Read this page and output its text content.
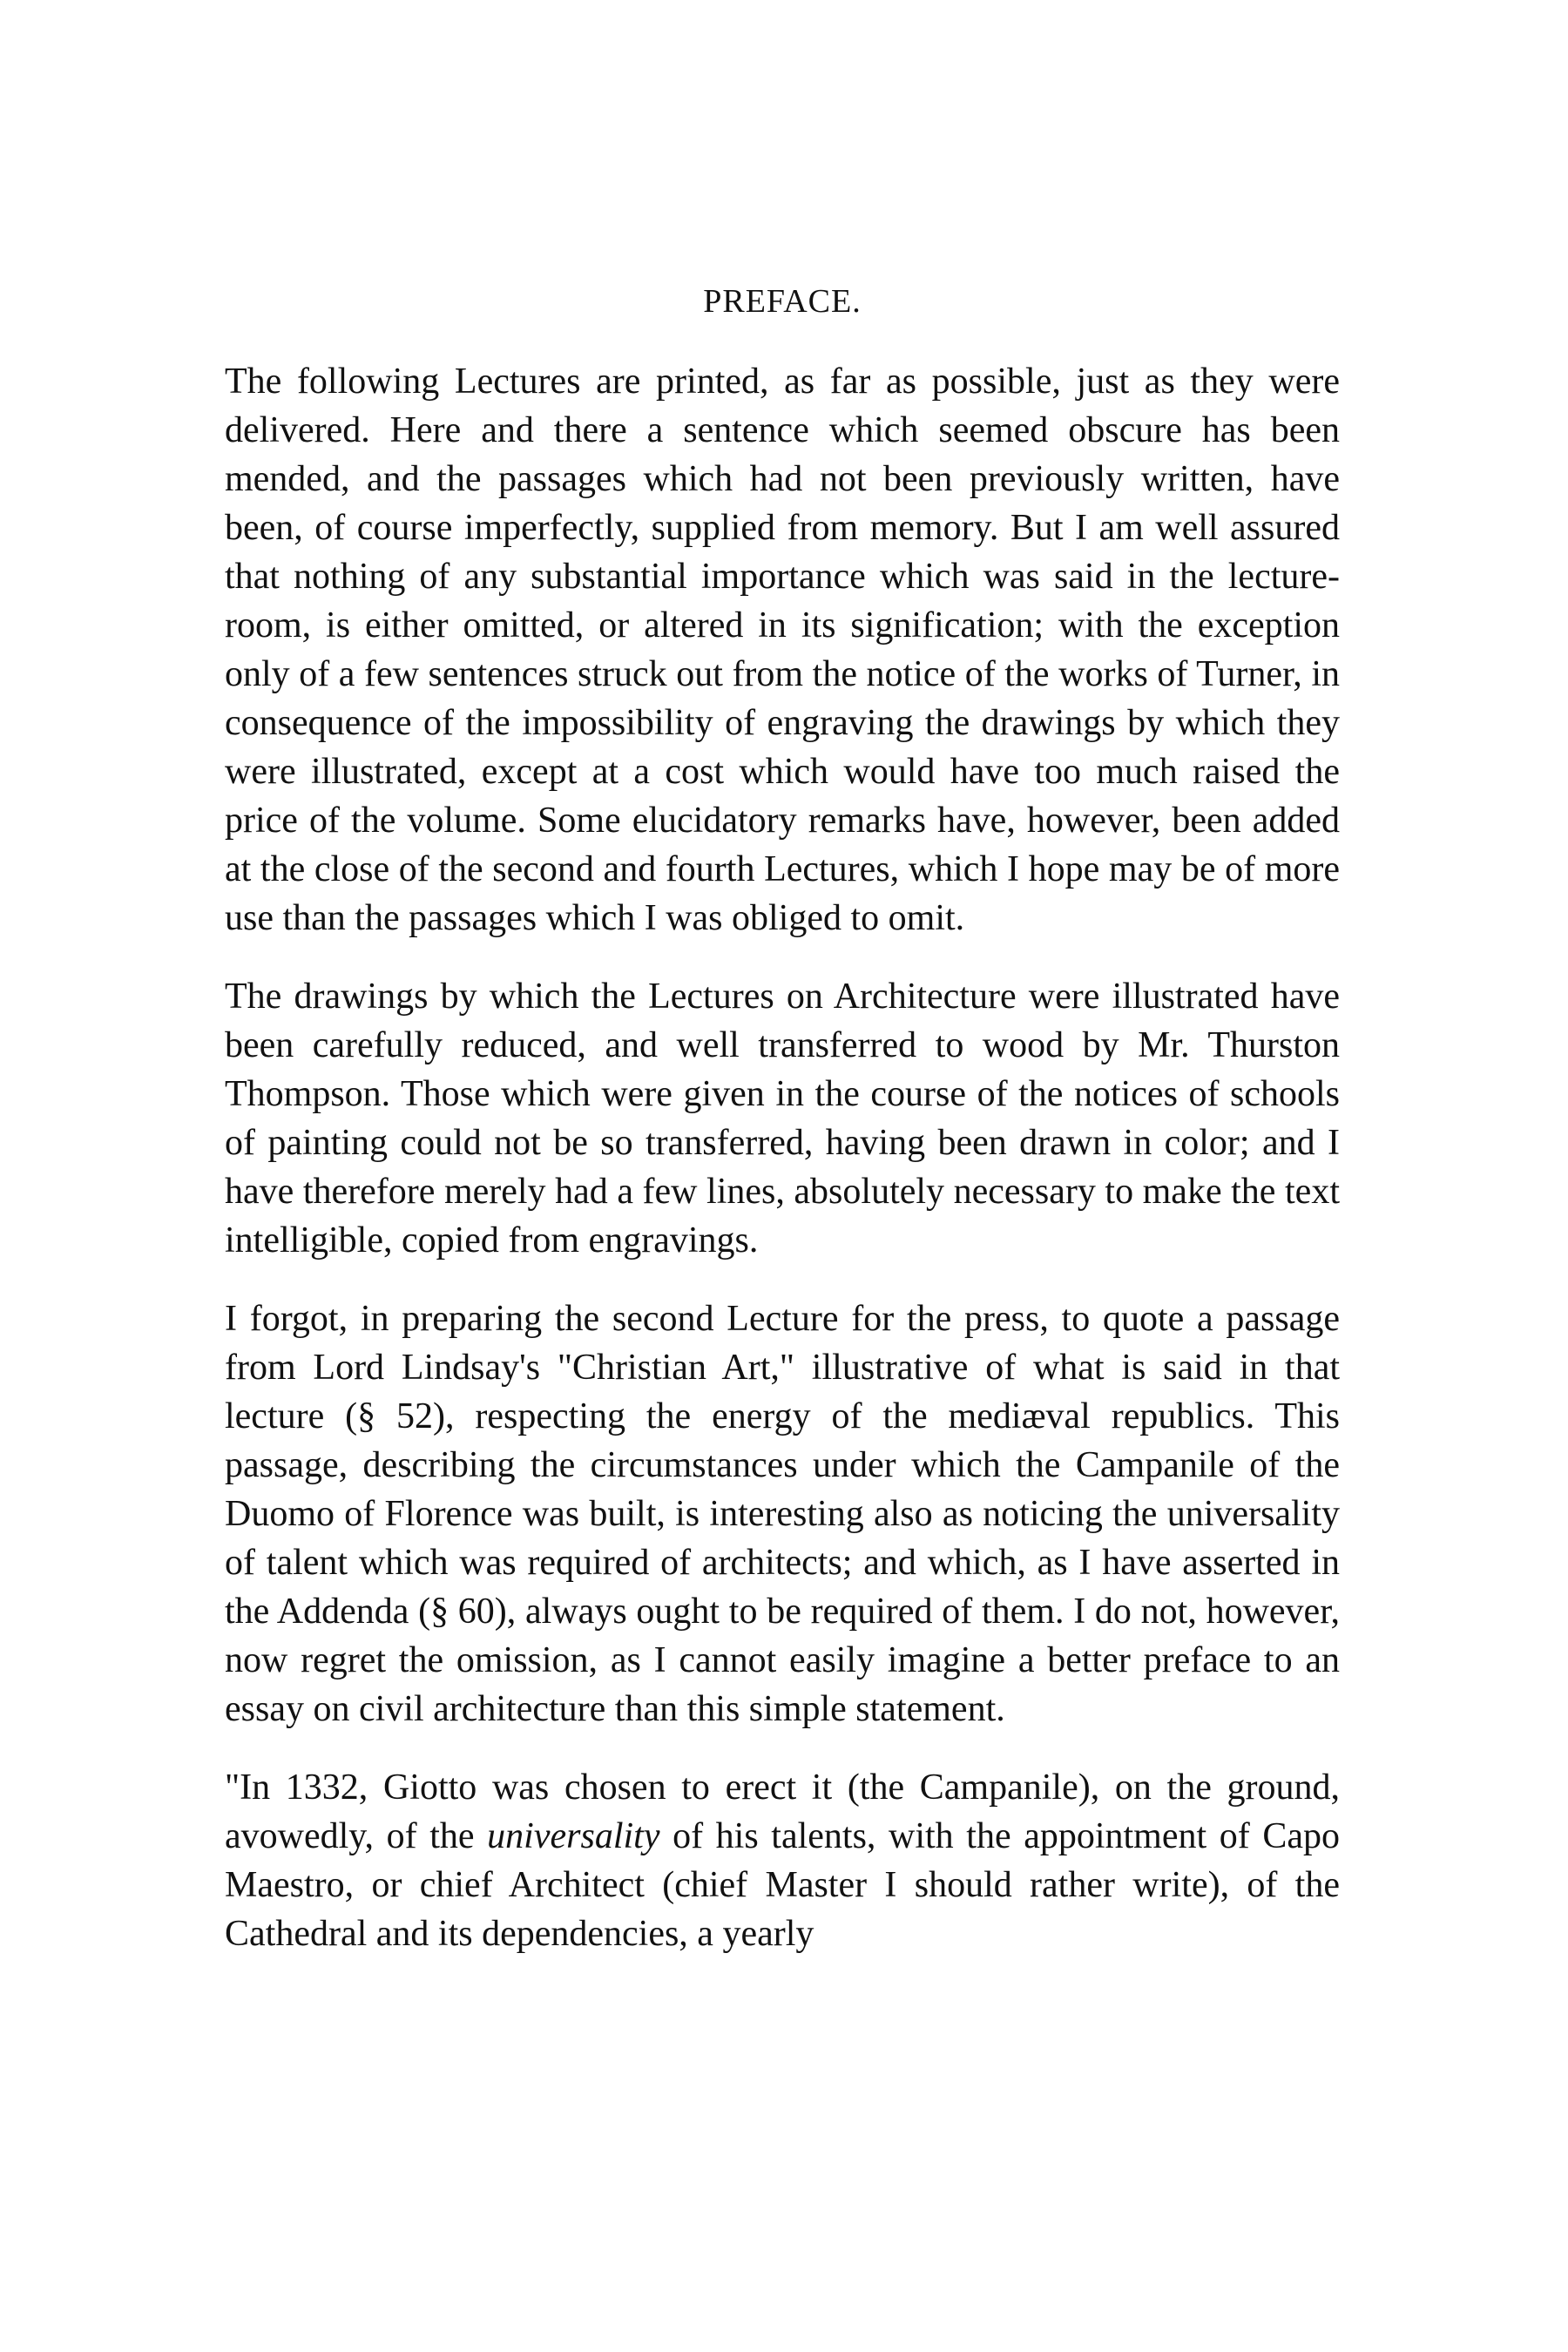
PREFACE.

The following Lectures are printed, as far as possible, just as they were delivered. Here and there a sentence which seemed obscure has been mended, and the passages which had not been previously written, have been, of course imperfectly, supplied from memory. But I am well assured that nothing of any substantial importance which was said in the lecture-room, is either omitted, or altered in its signification; with the exception only of a few sentences struck out from the notice of the works of Turner, in consequence of the impossibility of engraving the drawings by which they were illustrated, except at a cost which would have too much raised the price of the volume. Some elucidatory remarks have, however, been added at the close of the second and fourth Lectures, which I hope may be of more use than the passages which I was obliged to omit.

The drawings by which the Lectures on Architecture were illustrated have been carefully reduced, and well transferred to wood by Mr. Thurston Thompson. Those which were given in the course of the notices of schools of painting could not be so transferred, having been drawn in color; and I have therefore merely had a few lines, absolutely necessary to make the text intelligible, copied from engravings.

I forgot, in preparing the second Lecture for the press, to quote a passage from Lord Lindsay's "Christian Art," illustrative of what is said in that lecture (§ 52), respecting the energy of the mediæval republics. This passage, describing the circumstances under which the Campanile of the Duomo of Florence was built, is interesting also as noticing the universality of talent which was required of architects; and which, as I have asserted in the Addenda (§ 60), always ought to be required of them. I do not, however, now regret the omission, as I cannot easily imagine a better preface to an essay on civil architecture than this simple statement.

"In 1332, Giotto was chosen to erect it (the Campanile), on the ground, avowedly, of the universality of his talents, with the appointment of Capo Maestro, or chief Architect (chief Master I should rather write), of the Cathedral and its dependencies, a yearly
